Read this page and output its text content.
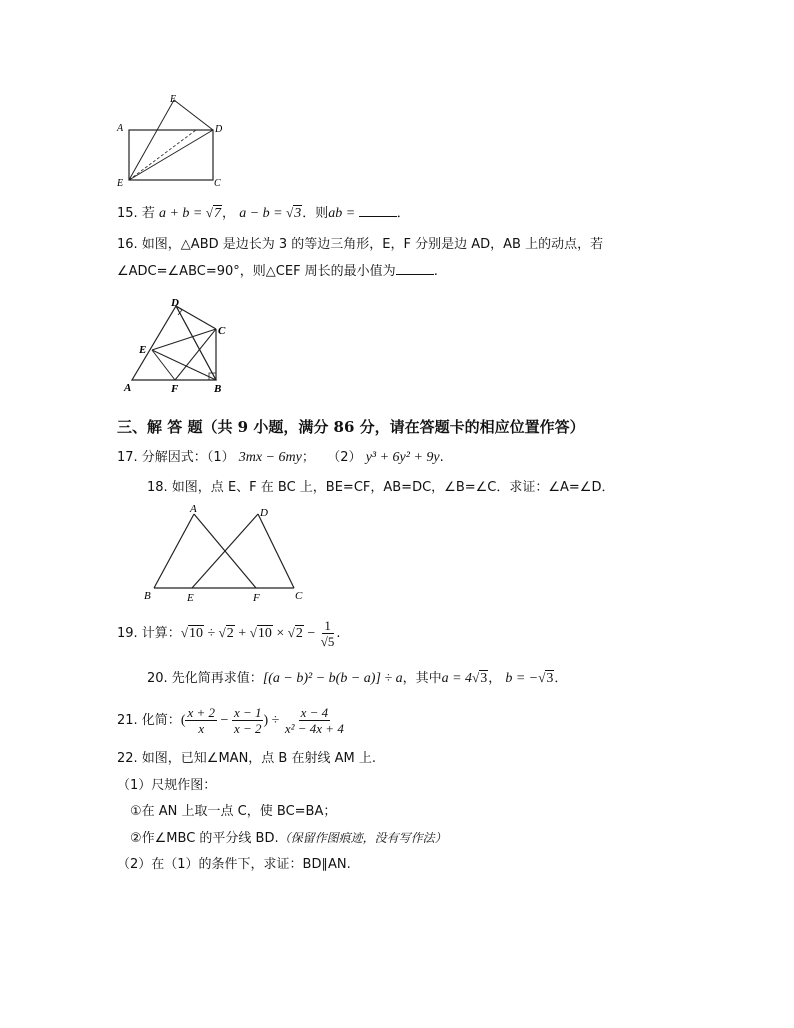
A
E
D
E	C
15. 若 a + b = √7， a − b = √3．则ab =	．
16. 如图，△ABD 是边长为 3 的等边三角形，E，F 分别是边 AD，AB 上的动点，若
∠ADC=∠ABC=90°，则△CEF 周长的最小值为	.
D
C
E
A	F	B
三、解 答 题（共 9 小题，满分 86 分，请在答题卡的相应位置作答）
17. 分解因式：（1） 3mx − 6my； （2） y³ + 6y² + 9y.
18. 如图，点 E、F 在 BC 上，BE=CF，AB=DC，∠B=∠C．求证：∠A=∠D．
A	D
B	E	F	C
19. 计算：$√10 \div √2 + √10 \times √2 - \frac{1}{√5}$ .
20. 先化简再求值：[(a − b)² − b(b − a)] ÷ a，其中a = 4√3， b = −√3．
21. 化简：( $\frac{x + 2}{x} - \frac{x - 1}{x - 2}$ ) ÷ $\frac{x - 4}{\text{x² − 4x + 4}}$
22. 如图，已知∠MAN，点 B 在射线 AM 上.
（1）尺规作图：
①在 AN 上取一点 C，使 BC=BA；
②作∠MBC 的平分线 BD.（保留作图痕迹，没有写作法）
（2）在（1）的条件下，求证：BD∥AN.
